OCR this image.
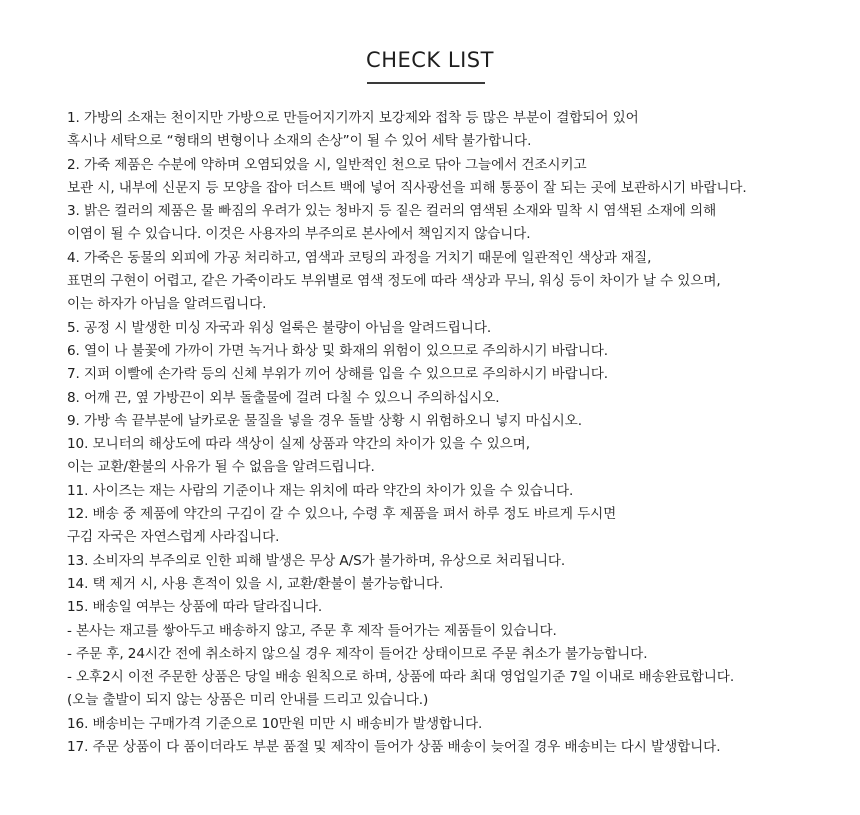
CHECK LIST
1. 가방의 소재는 천이지만 가방으로 만들어지기까지 보강제와 접착 등 많은 부분이 결합되어 있어
혹시나 세탁으로 “형태의 변형이나 소재의 손상”이 될 수 있어 세탁 불가합니다.
2. 가죽 제품은 수분에 약하며 오염되었을 시, 일반적인 천으로 닦아 그늘에서 건조시키고
보관 시, 내부에 신문지 등 모양을 잡아 더스트 백에 넣어 직사광선을 피해 통풍이 잘 되는 곳에 보관하시기 바랍니다.
3. 밝은 컬러의 제품은 물 빠짐의 우려가 있는 청바지 등 짙은 컬러의 염색된 소재와 밀착 시 염색된 소재에 의해
이염이 될 수 있습니다. 이것은 사용자의 부주의로 본사에서 책임지지 않습니다.
4. 가죽은 동물의 외피에 가공 처리하고, 염색과 코팅의 과정을 거치기 때문에 일관적인 색상과 재질,
표면의 구현이 어렵고, 같은 가죽이라도 부위별로 염색 정도에 따라 색상과 무늬, 워싱 등이 차이가 날 수 있으며,
이는 하자가 아님을 알려드립니다.
5. 공정 시 발생한 미싱 자국과 워싱 얼룩은 불량이 아님을 알려드립니다.
6. 열이 나 불꽃에 가까이 가면 녹거나 화상 및 화재의 위험이 있으므로 주의하시기 바랍니다.
7. 지퍼 이빨에 손가락 등의 신체 부위가 끼어 상해를 입을 수 있으므로 주의하시기 바랍니다.
8. 어깨 끈, 옆 가방끈이 외부 돌출물에 걸려 다칠 수 있으니 주의하십시오.
9. 가방 속 끝부분에 날카로운 물질을 넣을 경우 돌발 상황 시 위험하오니 넣지 마십시오.
10. 모니터의 해상도에 따라 색상이 실제 상품과 약간의 차이가 있을 수 있으며,
이는 교환/환불의 사유가 될 수 없음을 알려드립니다.
11. 사이즈는 재는 사람의 기준이나 재는 위치에 따라 약간의 차이가 있을 수 있습니다.
12. 배송 중 제품에 약간의 구김이 갈 수 있으나, 수령 후 제품을 펴서 하루 정도 바르게 두시면
구김 자국은 자연스럽게 사라집니다.
13. 소비자의 부주의로 인한 피해 발생은 무상 A/S가 불가하며, 유상으로 처리됩니다.
14. 택 제거 시, 사용 흔적이 있을 시, 교환/환불이 불가능합니다.
15. 배송일 여부는 상품에 따라 달라집니다.
- 본사는 재고를 쌓아두고 배송하지 않고, 주문 후 제작 들어가는 제품들이 있습니다.
- 주문 후, 24시간 전에 취소하지 않으실 경우 제작이 들어간 상태이므로 주문 취소가 불가능합니다.
- 오후2시 이전 주문한 상품은 당일 배송 원칙으로 하며, 상품에 따라 최대 영업일기준 7일 이내로 배송완료합니다.
(오늘 출발이 되지 않는 상품은 미리 안내를 드리고 있습니다.)
16. 배송비는 구매가격 기준으로 10만원 미만 시 배송비가 발생합니다.
17. 주문 상품이 다 품이더라도 부분 품절 및 제작이 들어가 상품 배송이 늦어질 경우 배송비는 다시 발생합니다.
